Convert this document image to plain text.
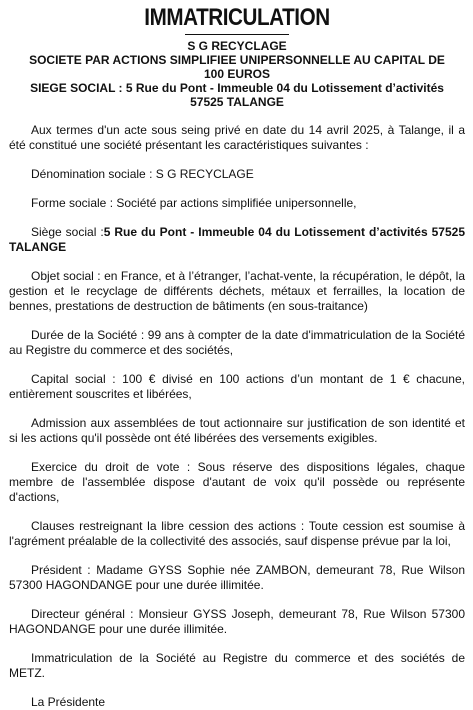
IMMATRICULATION
S G RECYCLAGE
SOCIETE PAR ACTIONS SIMPLIFIEE UNIPERSONNELLE AU CAPITAL DE
100 EUROS
SIEGE SOCIAL : 5 Rue du Pont - Immeuble 04 du Lotissement d’activités
57525 TALANGE

Aux termes d'un acte sous seing privé en date du 14 avril 2025, à Talange, il a été constitué une société présentant les caractéristiques suivantes :

Dénomination sociale : S G RECYCLAGE

Forme sociale : Société par actions simplifiée unipersonnelle,

Siège social :5 Rue du Pont - Immeuble 04 du Lotissement d’activités 57525 TALANGE

Objet social : en France, et à l’étranger, l’achat-vente, la récupération, le dépôt, la gestion et le recyclage de différents déchets, métaux et ferrailles, la location de bennes, prestations de destruction de bâtiments (en sous-traitance)

Durée de la Société : 99 ans à compter de la date d'immatriculation de la Société au Registre du commerce et des sociétés,

Capital social : 100 € divisé en 100 actions d’un montant de 1 € chacune, entièrement souscrites et libérées,

Admission aux assemblées de tout actionnaire sur justification de son identité et si les actions qu'il possède ont été libérées des versements exigibles.

Exercice du droit de vote : Sous réserve des dispositions légales, chaque membre de l'assemblée dispose d'autant de voix qu'il possède ou représente d'actions,

Clauses restreignant la libre cession des actions : Toute cession est soumise à l'agrément préalable de la collectivité des associés, sauf dispense prévue par la loi,

Président : Madame GYSS Sophie née ZAMBON, demeurant 78, Rue Wilson 57300 HAGONDANGE pour une durée illimitée.

Directeur général : Monsieur GYSS Joseph, demeurant 78, Rue Wilson 57300 HAGONDANGE pour une durée illimitée.

Immatriculation de la Société au Registre du commerce et des sociétés de METZ.

La Présidente
